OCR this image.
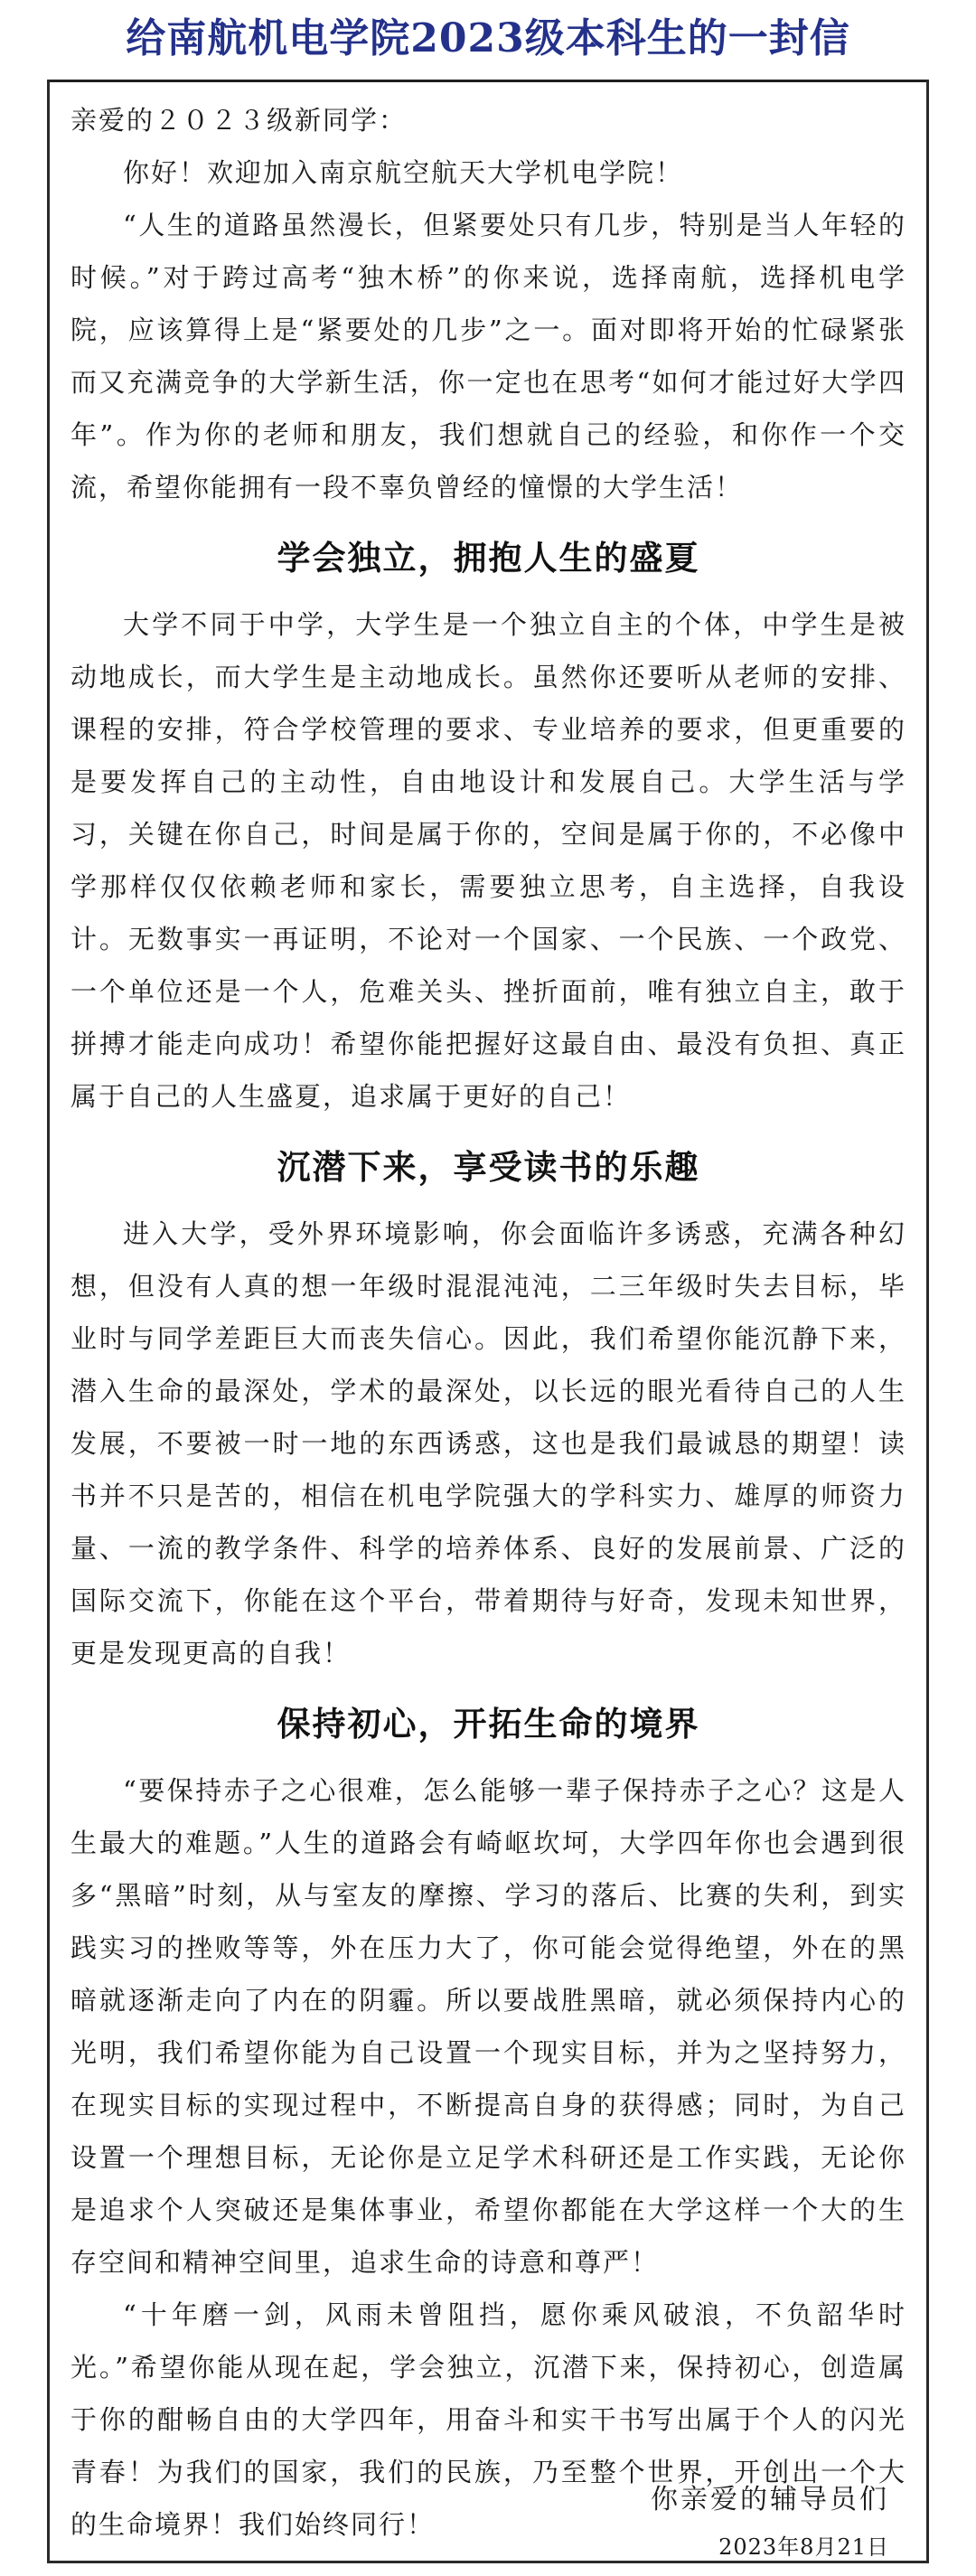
给南航机电学院2023级本科生的一封信
亲爱的２０２３级新同学：

你好！欢迎加入南京航空航天大学机电学院！

“人生的道路虽然漫长，但紧要处只有几步，特别是当人年轻的时候。”对于跨过高考“独木桥”的你来说，选择南航，选择机电学院，应该算得上是“紧要处的几步”之一。面对即将开始的忙碌紧张而又充满竞争的大学新生活，你一定也在思考“如何才能过好大学四年”。作为你的老师和朋友，我们想就自己的经验，和你作一个交流，希望你能拥有一段不辜负曾经的憧憬的大学生活！

学会独立，拥抱人生的盛夏

大学不同于中学，大学生是一个独立自主的个体，中学生是被动地成长，而大学生是主动地成长。虽然你还要听从老师的安排、课程的安排，符合学校管理的要求、专业培养的要求，但更重要的是要发挥自己的主动性，自由地设计和发展自己。大学生活与学习，关键在你自己，时间是属于你的，空间是属于你的，不必像中学那样仅仅依赖老师和家长，需要独立思考，自主选择，自我设计。无数事实一再证明，不论对一个国家、一个民族、一个政党、一个单位还是一个人，危难关头、挫折面前，唯有独立自主，敢于拼搏才能走向成功！希望你能把握好这最自由、最没有负担、真正属于自己的人生盛夏，追求属于更好的自己！

沉潜下来，享受读书的乐趣

进入大学，受外界环境影响，你会面临许多诱惑，充满各种幻想，但没有人真的想一年级时混混沌沌，二三年级时失去目标，毕业时与同学差距巨大而丧失信心。因此，我们希望你能沉静下来，潜入生命的最深处，学术的最深处，以长远的眼光看待自己的人生发展，不要被一时一地的东西诱惑，这也是我们最诚恳的期望！读书并不只是苦的，相信在机电学院强大的学科实力、雄厚的师资力量、一流的教学条件、科学的培养体系、良好的发展前景、广泛的国际交流下，你能在这个平台，带着期待与好奇，发现未知世界，更是发现更高的自我！

保持初心，开拓生命的境界

“要保持赤子之心很难，怎么能够一辈子保持赤子之心？这是人生最大的难题。”人生的道路会有崎岖坎坷，大学四年你也会遇到很多“黑暗”时刻，从与室友的摩擦、学习的落后、比赛的失利，到实践实习的挫败等等，外在压力大了，你可能会觉得绝望，外在的黑暗就逐渐走向了内在的阴霾。所以要战胜黑暗，就必须保持内心的光明，我们希望你能为自己设置一个现实目标，并为之坚持努力，在现实目标的实现过程中，不断提高自身的获得感；同时，为自己设置一个理想目标，无论你是立足学术科研还是工作实践，无论你是追求个人突破还是集体事业，希望你都能在大学这样一个大的生存空间和精神空间里，追求生命的诗意和尊严！

“十年磨一剑，风雨未曾阻挡，愿你乘风破浪，不负韶华时光。”希望你能从现在起，学会独立，沉潜下来，保持初心，创造属于你的酣畅自由的大学四年，用奋斗和实干书写出属于个人的闪光青春！为我们的国家，我们的民族，乃至整个世界，开创出一个大的生命境界！我们始终同行！

你亲爱的辅导员们
2023年8月21日
